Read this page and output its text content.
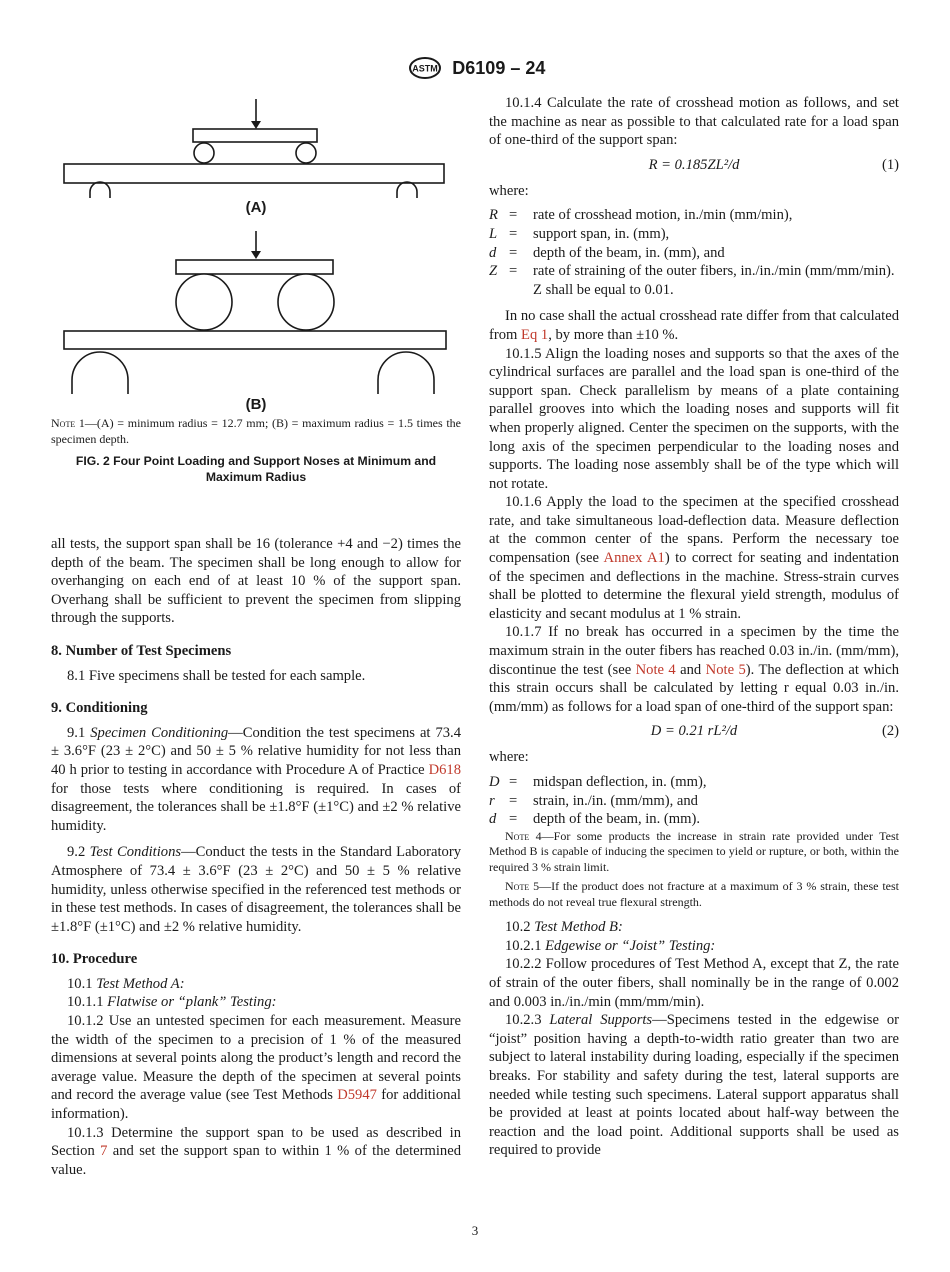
ASTM D6109 – 24
(A)
(B)

Note 1—(A) = minimum radius = 12.7 mm; (B) = maximum radius = 1.5 times the specimen depth.

FIG. 2 Four Point Loading and Support Noses at Minimum and Maximum Radius

all tests, the support span shall be 16 (tolerance +4 and −2) times the depth of the beam. The specimen shall be long enough to allow for overhanging on each end of at least 10 % of the support span. Overhang shall be sufficient to prevent the specimen from slipping through the supports.

8. Number of Test Specimens

8.1 Five specimens shall be tested for each sample.

9. Conditioning

9.1 Specimen Conditioning—Condition the test specimens at 73.4 ± 3.6°F (23 ± 2°C) and 50 ± 5 % relative humidity for not less than 40 h prior to testing in accordance with Procedure A of Practice D618 for those tests where conditioning is required. In cases of disagreement, the tolerances shall be ±1.8°F (±1°C) and ±2 % relative humidity.

9.2 Test Conditions—Conduct the tests in the Standard Laboratory Atmosphere of 73.4 ± 3.6°F (23 ± 2°C) and 50 ± 5 % relative humidity, unless otherwise specified in the referenced test methods or in these test methods. In cases of disagreement, the tolerances shall be ±1.8°F (±1°C) and ±2 % relative humidity.

10. Procedure

10.1 Test Method A:

10.1.1 Flatwise or “plank” Testing:

10.1.2 Use an untested specimen for each measurement. Measure the width of the specimen to a precision of 1 % of the measured dimensions at several points along the product’s length and record the average value. Measure the depth of the specimen at several points and record the average value (see Test Methods D5947 for additional information).

10.1.3 Determine the support span to be used as described in Section 7 and set the support span to within 1 % of the determined value.

10.1.4 Calculate the rate of crosshead motion as follows, and set the machine as near as possible to that calculated rate for a load span of one-third of the support span:

R = 0.185ZL²/d	(1)

where:

R =	rate of crosshead motion, in./min (mm/min),
L =	support span, in. (mm),
d =	depth of the beam, in. (mm), and
Z =	rate of straining of the outer fibers, in./in./min (mm/mm/min). Z shall be equal to 0.01.

In no case shall the actual crosshead rate differ from that calculated from Eq 1, by more than ±10 %.

10.1.5 Align the loading noses and supports so that the axes of the cylindrical surfaces are parallel and the load span is one-third of the support span. Check parallelism by means of a plate containing parallel grooves into which the loading noses and supports will fit when properly aligned. Center the specimen on the supports, with the long axis of the specimen perpendicular to the loading noses and supports. The loading nose assembly shall be of the type which will not rotate.

10.1.6 Apply the load to the specimen at the specified crosshead rate, and take simultaneous load-deflection data. Measure deflection at the common center of the spans. Perform the necessary toe compensation (see Annex A1) to correct for seating and indentation of the specimen and deflections in the machine. Stress-strain curves shall be plotted to determine the flexural yield strength, modulus of elasticity and secant modulus at 1 % strain.

10.1.7 If no break has occurred in a specimen by the time the maximum strain in the outer fibers has reached 0.03 in./in. (mm/mm), discontinue the test (see Note 4 and Note 5). The deflection at which this strain occurs shall be calculated by letting r equal 0.03 in./in. (mm/mm) as follows for a load span of one-third of the support span:

D = 0.21 rL²/d	(2)

where:

D =	midspan deflection, in. (mm),
r =	strain, in./in. (mm/mm), and
d =	depth of the beam, in. (mm).

Note 4—For some products the increase in strain rate provided under Test Method B is capable of inducing the specimen to yield or rupture, or both, within the required 3 % strain limit.

Note 5—If the product does not fracture at a maximum of 3 % strain, these test methods do not reveal true flexural strength.

10.2 Test Method B:

10.2.1 Edgewise or “Joist” Testing:

10.2.2 Follow procedures of Test Method A, except that Z, the rate of strain of the outer fibers, shall nominally be in the range of 0.002 and 0.003 in./in./min (mm/mm/min).

10.2.3 Lateral Supports—Specimens tested in the edgewise or “joist” position having a depth-to-width ratio greater than two are subject to lateral instability during loading, especially if the specimen breaks. For stability and safety during the test, lateral supports are needed while testing such specimens. Lateral support apparatus shall be provided at least at points located about half-way between the reaction and the load point. Additional supports shall be used as required to provide

3
